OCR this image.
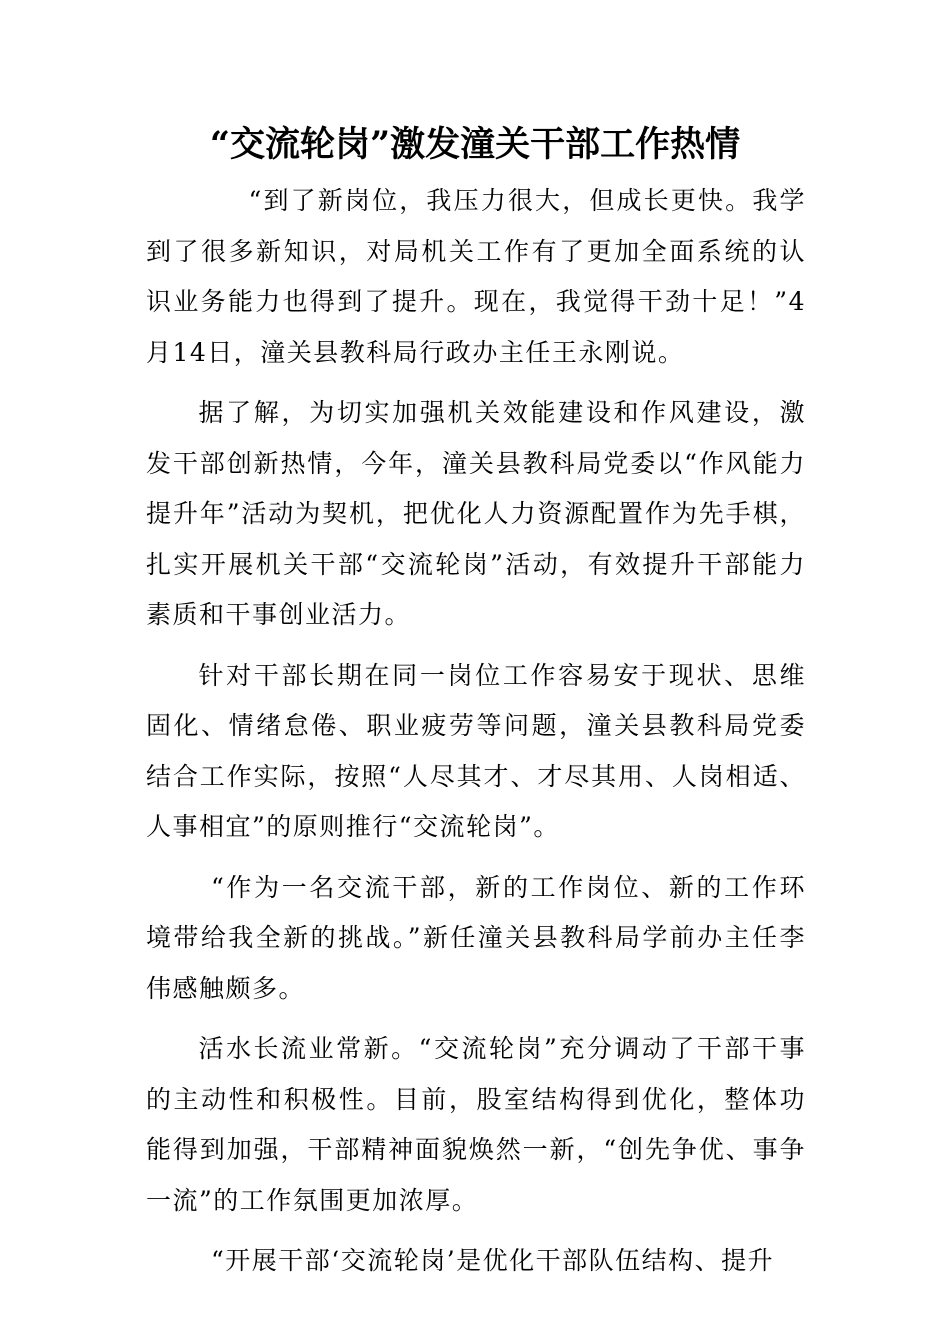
“交流轮岗”激发潼关干部工作热情

“到了新岗位，我压力很大，但成长更快。我学到了很多新知识，对局机关工作有了更加全面系统的认识业务能力也得到了提升。现在，我觉得干劲十足！”4月14日，潼关县教科局行政办主任王永刚说。

据了解，为切实加强机关效能建设和作风建设，激发干部创新热情，今年，潼关县教科局党委以“作风能力提升年”活动为契机，把优化人力资源配置作为先手棋，扎实开展机关干部“交流轮岗”活动，有效提升干部能力素质和干事创业活力。

针对干部长期在同一岗位工作容易安于现状、思维固化、情绪怠倦、职业疲劳等问题，潼关县教科局党委结合工作实际，按照“人尽其才、才尽其用、人岗相适、人事相宜”的原则推行“交流轮岗”。

“作为一名交流干部，新的工作岗位、新的工作环境带给我全新的挑战。”新任潼关县教科局学前办主任李伟感触颇多。

活水长流业常新。“交流轮岗”充分调动了干部干事的主动性和积极性。目前，股室结构得到优化，整体功能得到加强，干部精神面貌焕然一新，“创先争优、事争一流”的工作氛围更加浓厚。

“开展干部‘交流轮岗’是优化干部队伍结构、提升
